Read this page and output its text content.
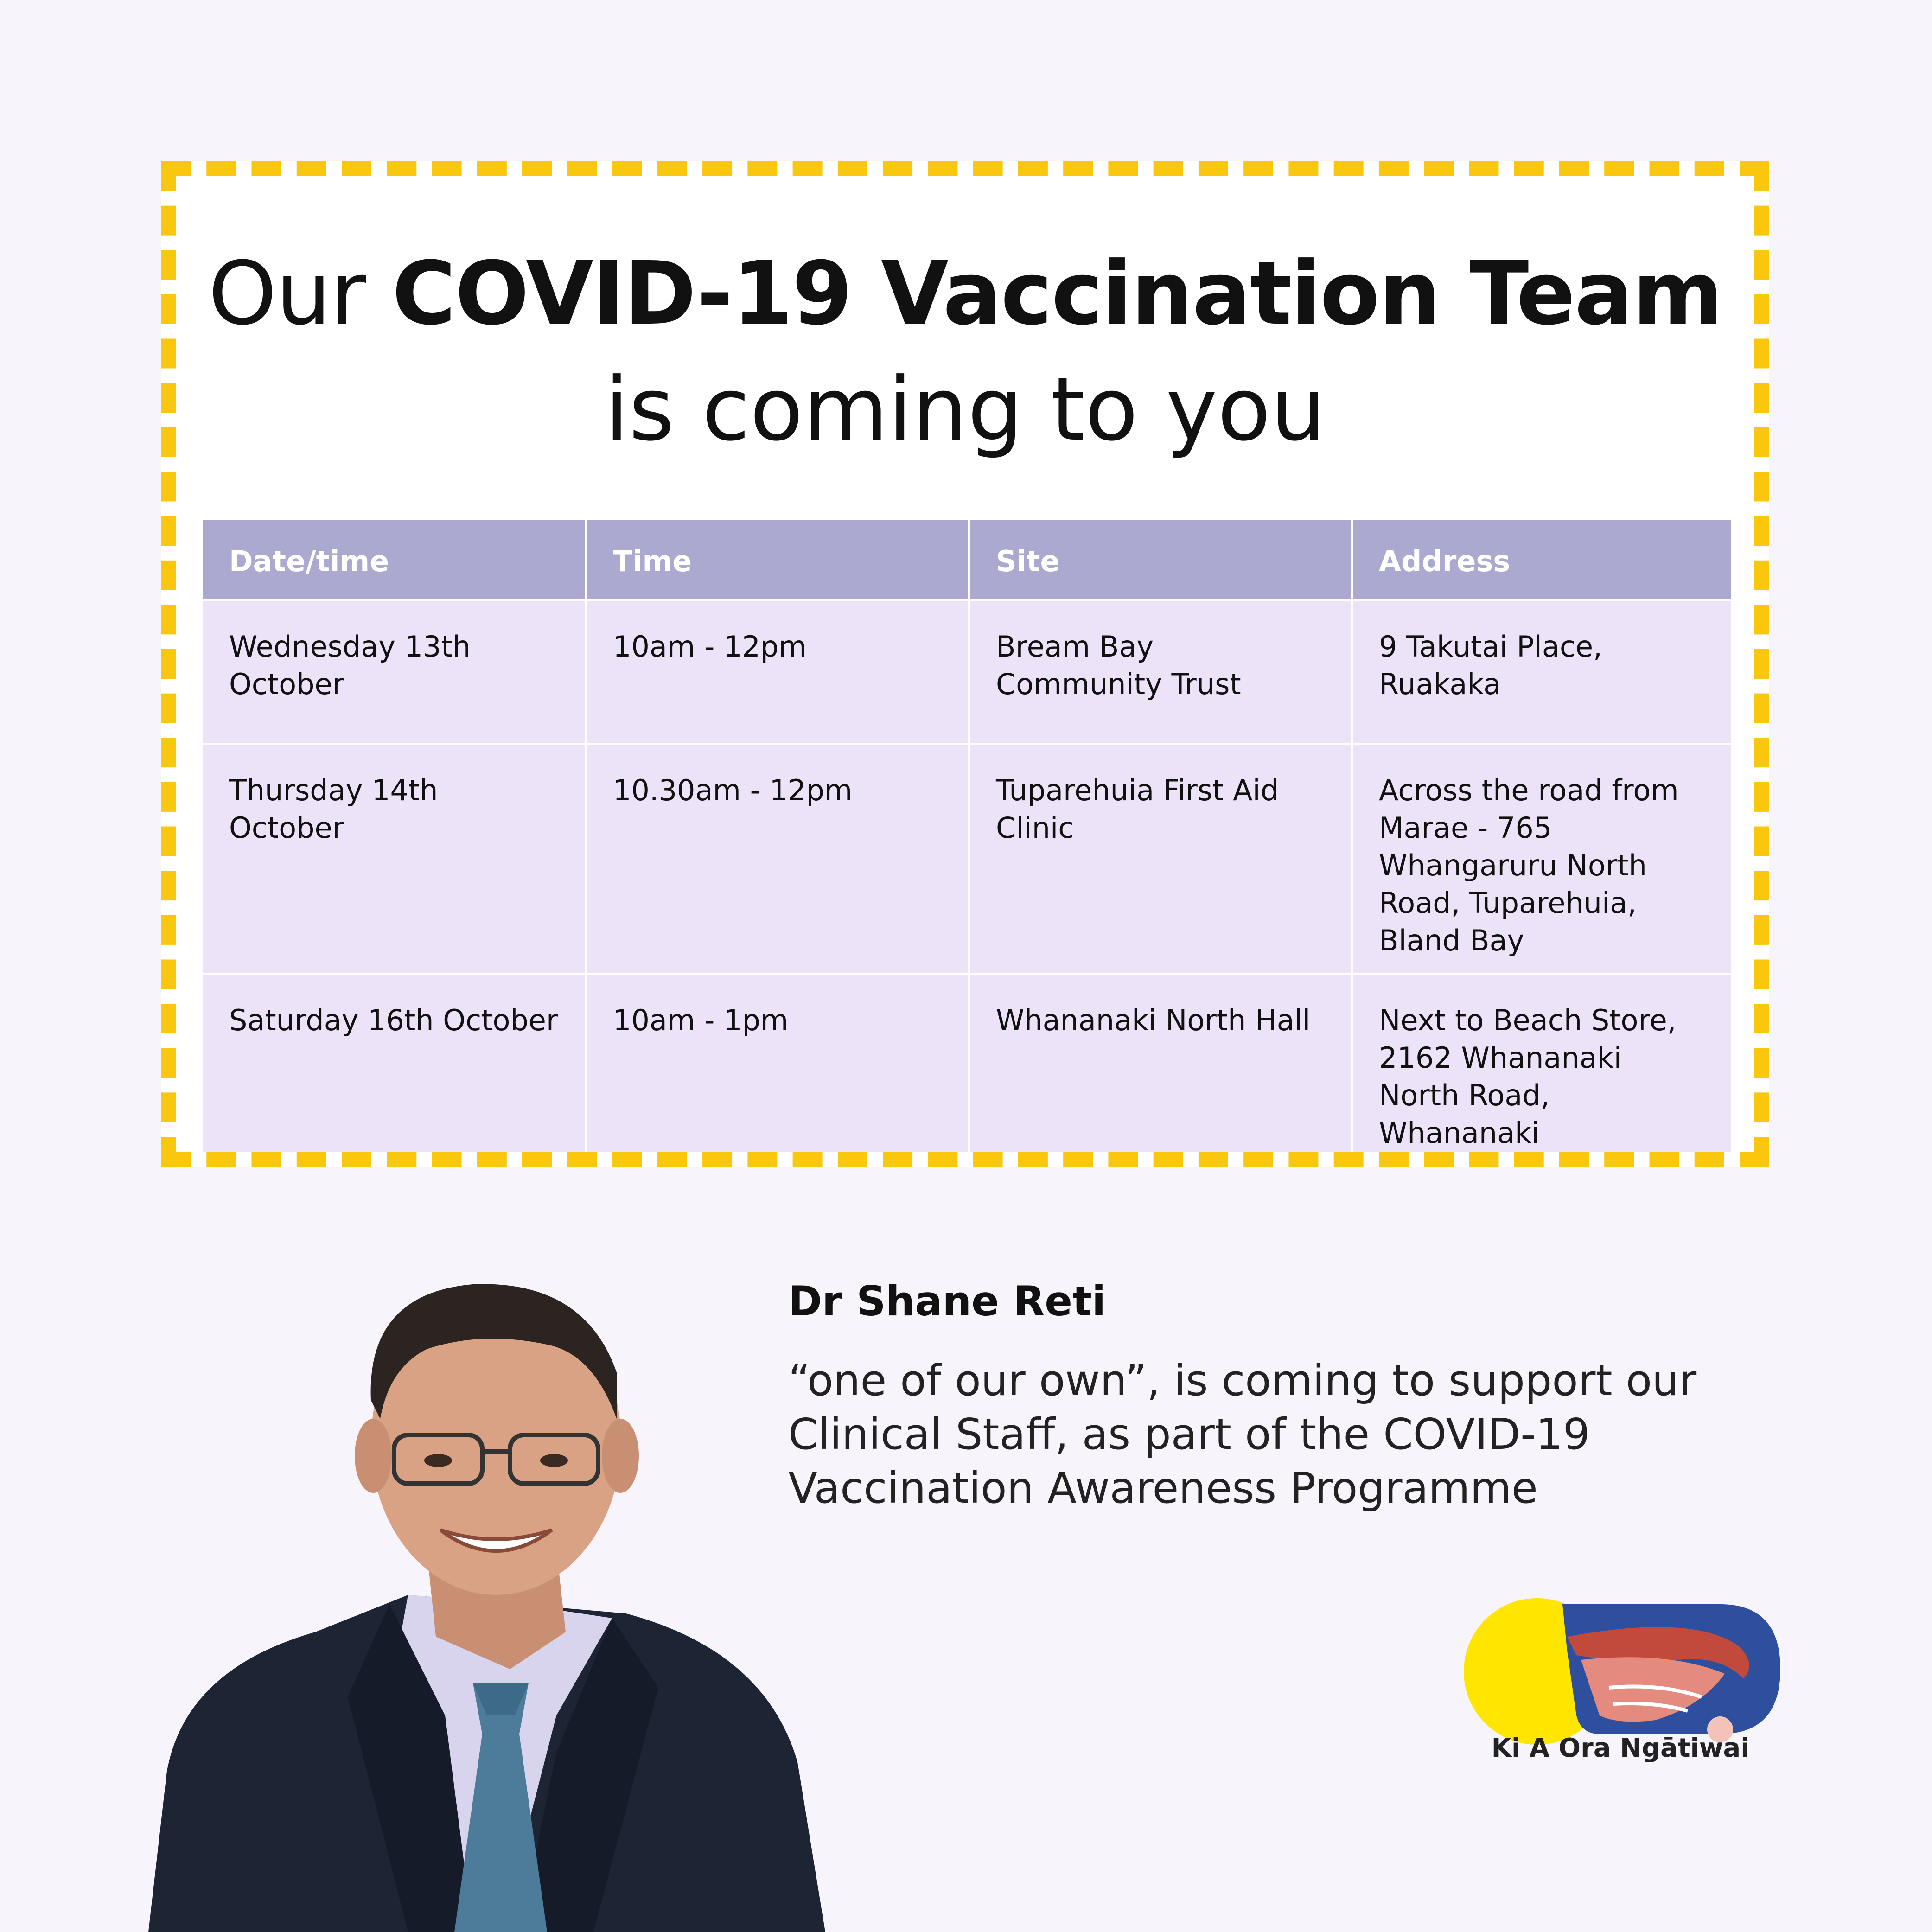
Our COVID-19 Vaccination Team
is coming to you
Date/time	Time	Site	Address
Wednesday 13th October	10am - 12pm	Bream Bay Community Trust	9 Takutai Place, Ruakaka
Thursday 14th October	10.30am - 12pm	Tuparehuia First Aid Clinic	Across the road from Marae - 765 Whangaruru North Road, Tuparehuia, Bland Bay
Saturday 16th October	10am - 1pm	Whananaki North Hall	Next to Beach Store, 2162 Whananaki North Road, Whananaki
Dr Shane Reti
“one of our own”, is coming to support our Clinical Staff, as part of the COVID-19 Vaccination Awareness Programme
Ki A Ora Ngātiwai
